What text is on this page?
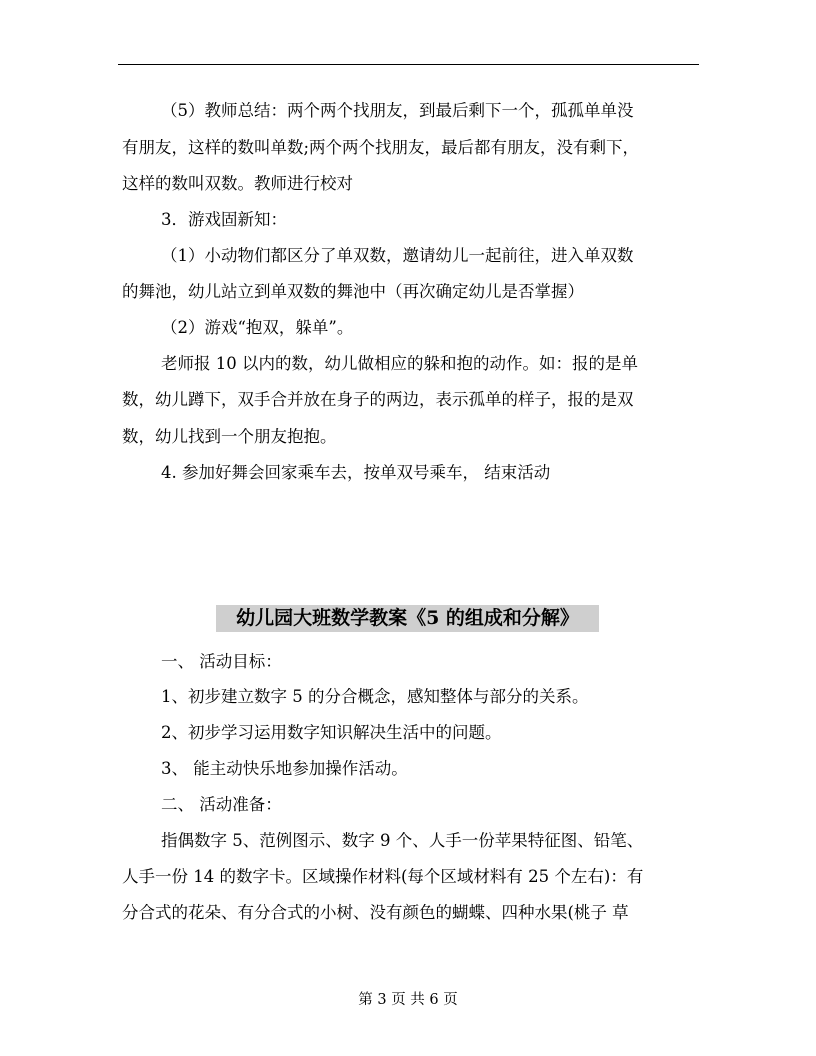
（5）教师总结：两个两个找朋友，到最后剩下一个，孤孤单单没
有朋友，这样的数叫单数;两个两个找朋友，最后都有朋友，没有剩下，
这样的数叫双数。教师进行校对
3．游戏固新知：
（1）小动物们都区分了单双数，邀请幼儿一起前往，进入单双数
的舞池，幼儿站立到单双数的舞池中（再次确定幼儿是否掌握）
（2）游戏“抱双，躲单”。
老师报 10 以内的数，幼儿做相应的躲和抱的动作。如：报的是单
数，幼儿蹲下，双手合并放在身子的两边，表示孤单的样子，报的是双
数，幼儿找到一个朋友抱抱。
4. 参加好舞会回家乘车去，按单双号乘车， 结束活动
幼儿园大班数学教案《5 的组成和分解》
一、 活动目标：
1、初步建立数字 5 的分合概念，感知整体与部分的关系。
2、初步学习运用数字知识解决生活中的问题。
3、 能主动快乐地参加操作活动。
二、 活动准备：
指偶数字 5、范例图示、数字 9 个、人手一份苹果特征图、铅笔、
人手一份 14 的数字卡。区域操作材料(每个区域材料有 25 个左右)：有
分合式的花朵、有分合式的小树、没有颜色的蝴蝶、四种水果(桃子 草
第 3 页 共 6 页
